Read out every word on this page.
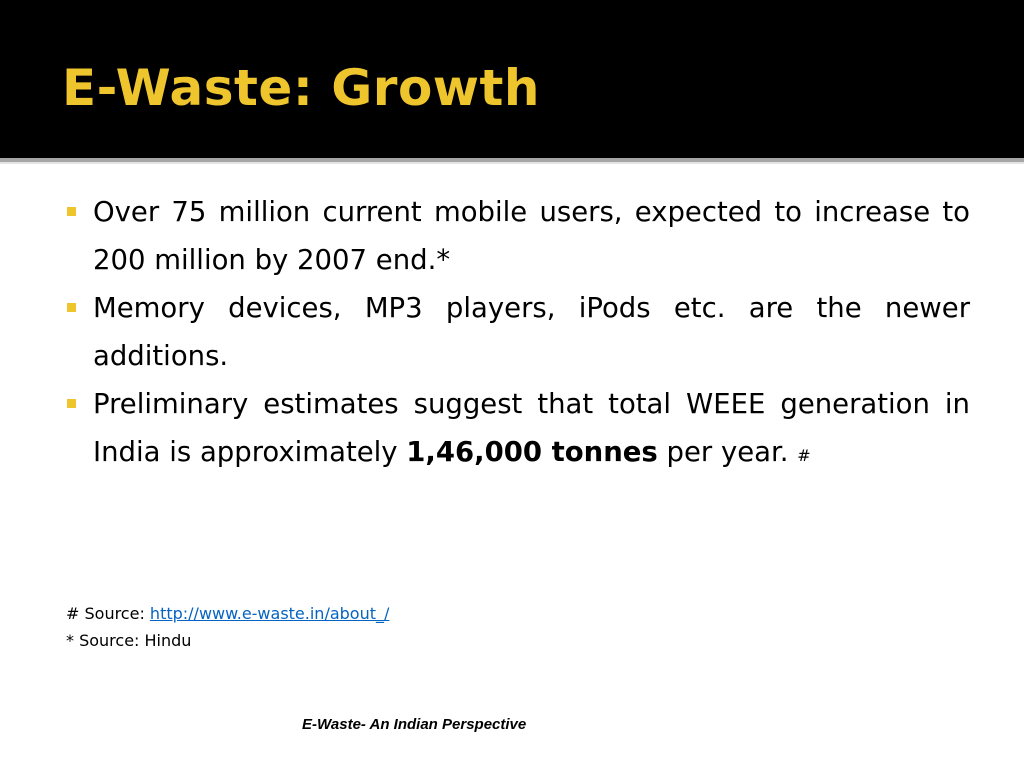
E-Waste: Growth
Over 75 million current mobile users, expected to increase to 200 million by 2007 end.*
Memory devices, MP3 players, iPods etc. are the newer additions.
Preliminary estimates suggest that total WEEE generation in India is approximately 1,46,000 tonnes per year. #
# Source: http://www.e-waste.in/about_/
* Source: Hindu
E-Waste- An Indian Perspective
